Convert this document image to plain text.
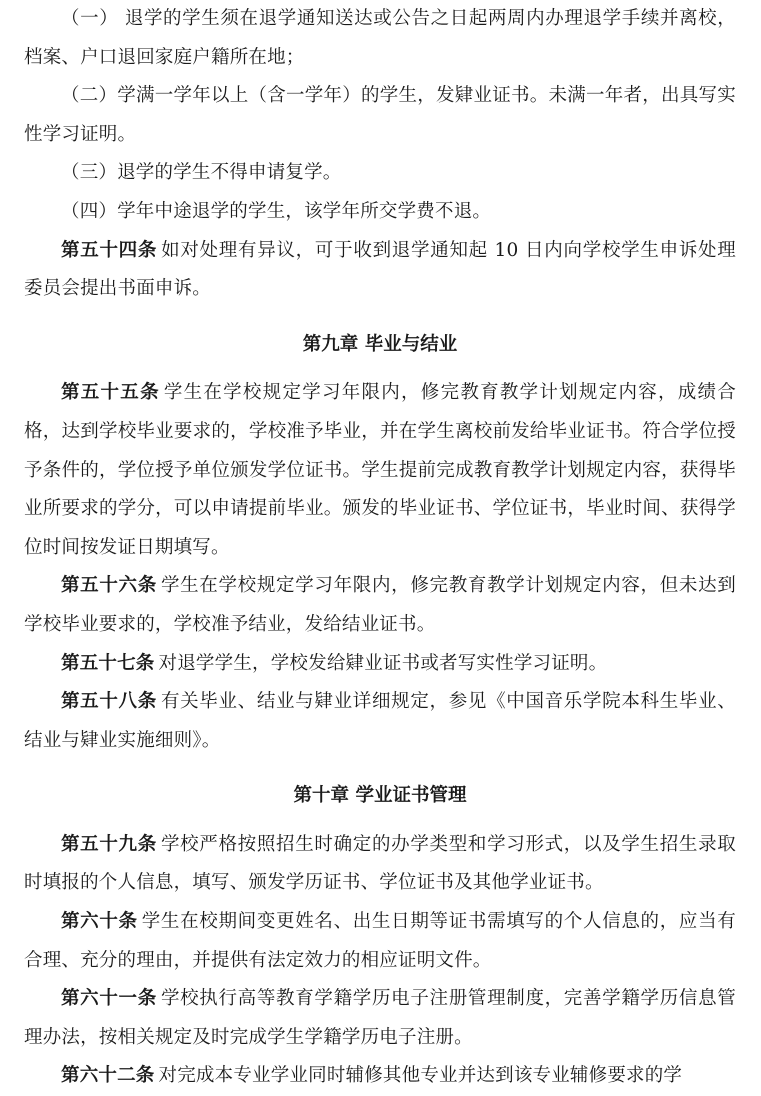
（一） 退学的学生须在退学通知送达或公告之日起两周内办理退学手续并离校，档案、户口退回家庭户籍所在地；

（二）学满一学年以上（含一学年）的学生，发肄业证书。未满一年者，出具写实性学习证明。

（三）退学的学生不得申请复学。

（四）学年中途退学的学生，该学年所交学费不退。

第五十四条 如对处理有异议，可于收到退学通知起 10 日内向学校学生申诉处理委员会提出书面申诉。

第九章 毕业与结业

第五十五条 学生在学校规定学习年限内，修完教育教学计划规定内容，成绩合格，达到学校毕业要求的，学校准予毕业，并在学生离校前发给毕业证书。符合学位授予条件的，学位授予单位颁发学位证书。学生提前完成教育教学计划规定内容，获得毕业所要求的学分，可以申请提前毕业。颁发的毕业证书、学位证书，毕业时间、获得学位时间按发证日期填写。

第五十六条 学生在学校规定学习年限内，修完教育教学计划规定内容，但未达到学校毕业要求的，学校准予结业，发给结业证书。

第五十七条 对退学学生，学校发给肄业证书或者写实性学习证明。

第五十八条 有关毕业、结业与肄业详细规定，参见《中国音乐学院本科生毕业、结业与肄业实施细则》。

第十章 学业证书管理

第五十九条 学校严格按照招生时确定的办学类型和学习形式，以及学生招生录取时填报的个人信息，填写、颁发学历证书、学位证书及其他学业证书。

第六十条 学生在校期间变更姓名、出生日期等证书需填写的个人信息的，应当有合理、充分的理由，并提供有法定效力的相应证明文件。

第六十一条 学校执行高等教育学籍学历电子注册管理制度，完善学籍学历信息管理办法，按相关规定及时完成学生学籍学历电子注册。

第六十二条 对完成本专业学业同时辅修其他专业并达到该专业辅修要求的学
